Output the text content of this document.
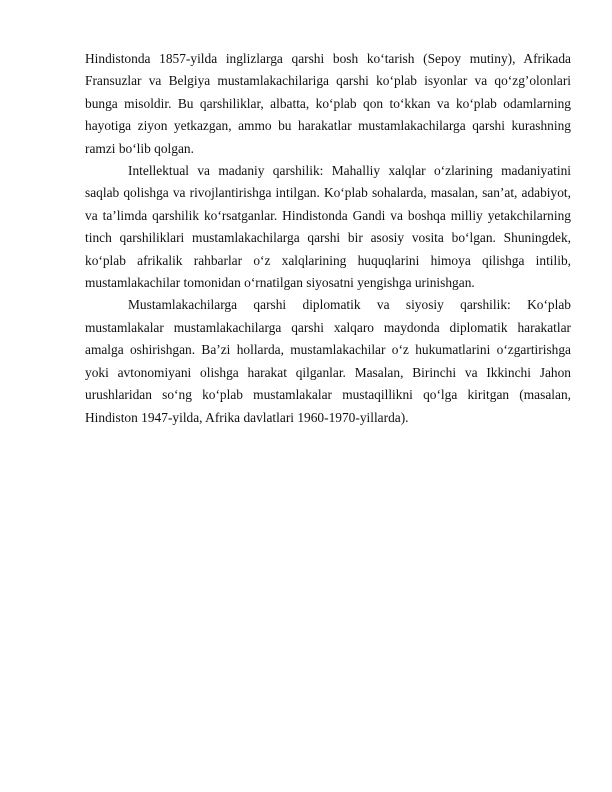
Hindistonda 1857-yilda inglizlarga qarshi bosh ko‘tarish (Sepoy mutiny), Afrikada Fransuzlar va Belgiya mustamlakachilariga qarshi ko‘plab isyonlar va qo‘zg’olonlari bunga misoldir. Bu qarshiliklar, albatta, ko‘plab qon to‘kkan va ko‘plab odamlarning hayotiga ziyon yetkazgan, ammo bu harakatlar mustamlakachilarga qarshi kurashning ramzi bo‘lib qolgan.

Intellektual va madaniy qarshilik: Mahalliy xalqlar o‘zlarining madaniyatini saqlab qolishga va rivojlantirishga intilgan. Ko‘plab sohalarda, masalan, san’at, adabiyot, va ta’limda qarshilik ko‘rsatganlar. Hindistonda Gandi va boshqa milliy yetakchilarning tinch qarshiliklari mustamlakachilarga qarshi bir asosiy vosita bo‘lgan. Shuningdek, ko‘plab afrikalik rahbarlar o‘z xalqlarining huquqlarini himoya qilishga intilib, mustamlakachilar tomonidan o‘rnatilgan siyosatni yengishga urinishgan.

Mustamlakachilarga qarshi diplomatik va siyosiy qarshilik: Ko‘plab mustamlakalar mustamlakachilarga qarshi xalqaro maydonda diplomatik harakatlar amalga oshirishgan. Ba’zi hollarda, mustamlakachilar o‘z hukumatlarini o‘zgartirishga yoki avtonomiyani olishga harakat qilganlar. Masalan, Birinchi va Ikkinchi Jahon urushlaridan so‘ng ko‘plab mustamlakalar mustaqillikni qo‘lga kiritgan (masalan, Hindiston 1947-yilda, Afrika davlatlari 1960-1970-yillarda).
